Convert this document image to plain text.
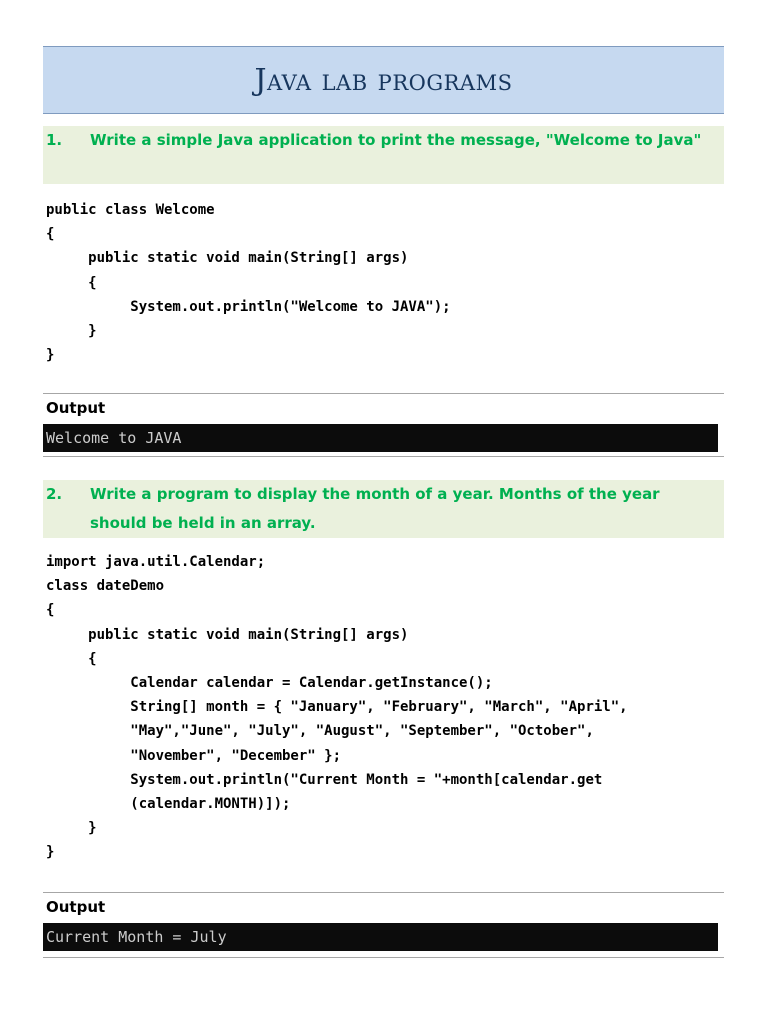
Java lab programs
1. Write a simple Java application to print the message, "Welcome to Java"
public class Welcome
{
public static void main(String[] args)
{
System.out.println("Welcome to JAVA");
}
}
Output
Welcome to JAVA
2. Write a program to display the month of a year. Months of the year should be held in an array.
import java.util.Calendar;
class dateDemo
{
public static void main(String[] args)
{
Calendar calendar = Calendar.getInstance();
String[] month = { "January", "February", "March", "April",
"May","June", "July", "August", "September", "October",
"November", "December" };
System.out.println("Current Month = "+month[calendar.get
(calendar.MONTH)]);
}
}
Output
Current Month = July
